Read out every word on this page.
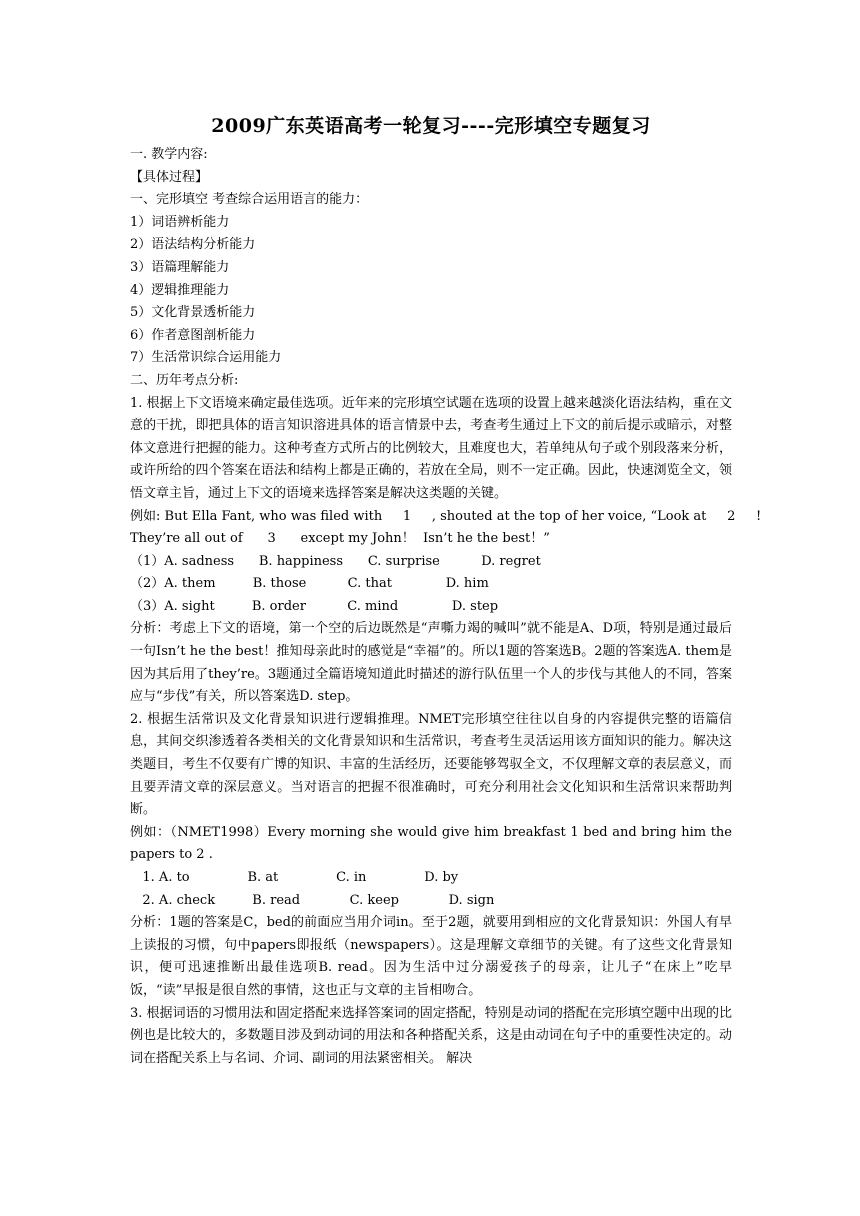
2009广东英语高考一轮复习----完形填空专题复习
一. 教学内容:
【具体过程】
一、完形填空 考查综合运用语言的能力：
1）词语辨析能力
2）语法结构分析能力
3）语篇理解能力
4）逻辑推理能力
5）文化背景透析能力
6）作者意图剖析能力
7）生活常识综合运用能力
二、历年考点分析:

1. 根据上下文语境来确定最佳选项。近年来的完形填空试题在选项的设置上越来越淡化语法结构，重在文意的干扰，即把具体的语言知识溶进具体的语言情景中去，考查考生通过上下文的前后提示或暗示，对整体文意进行把握的能力。这种考查方式所占的比例较大，且难度也大，若单纯从句子或个别段落来分析，或许所给的四个答案在语法和结构上都是正确的，若放在全局，则不一定正确。因此，快速浏览全文，领悟文章主旨，通过上下文的语境来选择答案是解决这类题的关键。

例如: But Ella Fant, who was filed with     1     , shouted at the top of her voice, “Look at     2     !
They’re all out of      3      except my John！  Isn’t he the best！”
（1）A. sadness      B. happiness      C. surprise          D. regret
（2）A. them         B. those          C. that             D. him
（3）A. sight         B. order          C. mind             D. step

分析：考虑上下文的语境，第一个空的后边既然是“声嘶力竭的喊叫”就不能是A、D项，特别是通过最后一句Isn’t he the best！推知母亲此时的感觉是“幸福”的。所以1题的答案选B。2题的答案选A. them是因为其后用了they’re。3题通过全篇语境知道此时描述的游行队伍里一个人的步伐与其他人的不同，答案应与“步伐”有关，所以答案选D. step。

2. 根据生活常识及文化背景知识进行逻辑推理。NMET完形填空往往以自身的内容提供完整的语篇信息，其间交织渗透着各类相关的文化背景知识和生活常识，考查考生灵活运用该方面知识的能力。解决这类题目，考生不仅要有广博的知识、丰富的生活经历，还要能够驾驭全文，不仅理解文章的表层意义，而且要弄清文章的深层意义。当对语言的把握不很准确时，可充分利用社会文化知识和生活常识来帮助判断。

例如：（NMET1998）Every morning she would give him breakfast 1 bed and bring him the papers to 2 .

1. A. to              B. at              C. in              D. by
2. A. check         B. read            C. keep            D. sign

分析：1题的答案是C，bed的前面应当用介词in。至于2题，就要用到相应的文化背景知识：外国人有早上读报的习惯，句中papers即报纸（newspapers）。这是理解文章细节的关键。有了这些文化背景知识，便可迅速推断出最佳选项B. read。因为生活中过分溺爱孩子的母亲，让儿子“在床上”吃早饭，“读”早报是很自然的事情，这也正与文章的主旨相吻合。

3. 根据词语的习惯用法和固定搭配来选择答案词的固定搭配，特别是动词的搭配在完形填空题中出现的比例也是比较大的，多数题目涉及到动词的用法和各种搭配关系，这是由动词在句子中的重要性决定的。动词在搭配关系上与名词、介词、副词的用法紧密相关。 解决
